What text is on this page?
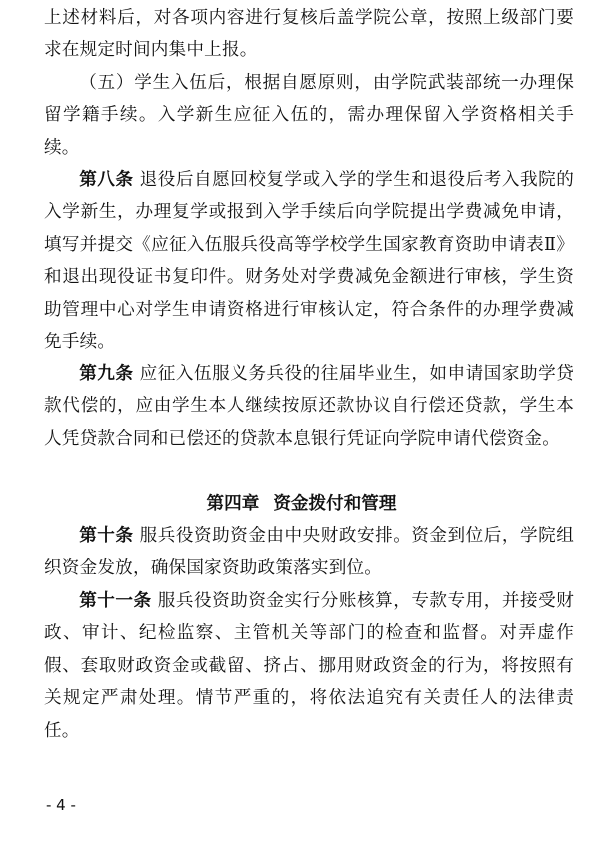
上述材料后，对各项内容进行复核后盖学院公章，按照上级部门要求在规定时间内集中上报。

（五）学生入伍后，根据自愿原则，由学院武装部统一办理保留学籍手续。入学新生应征入伍的，需办理保留入学资格相关手续。

第八条 退役后自愿回校复学或入学的学生和退役后考入我院的入学新生，办理复学或报到入学手续后向学院提出学费减免申请，填写并提交《应征入伍服兵役高等学校学生国家教育资助申请表Ⅱ》和退出现役证书复印件。财务处对学费减免金额进行审核，学生资助管理中心对学生申请资格进行审核认定，符合条件的办理学费减免手续。

第九条 应征入伍服义务兵役的往届毕业生，如申请国家助学贷款代偿的，应由学生本人继续按原还款协议自行偿还贷款，学生本人凭贷款合同和已偿还的贷款本息银行凭证向学院申请代偿资金。

第四章 资金拨付和管理

第十条 服兵役资助资金由中央财政安排。资金到位后，学院组织资金发放，确保国家资助政策落实到位。

第十一条 服兵役资助资金实行分账核算，专款专用，并接受财政、审计、纪检监察、主管机关等部门的检查和监督。对弄虚作假、套取财政资金或截留、挤占、挪用财政资金的行为，将按照有关规定严肃处理。情节严重的，将依法追究有关责任人的法律责任。

- 4 -
